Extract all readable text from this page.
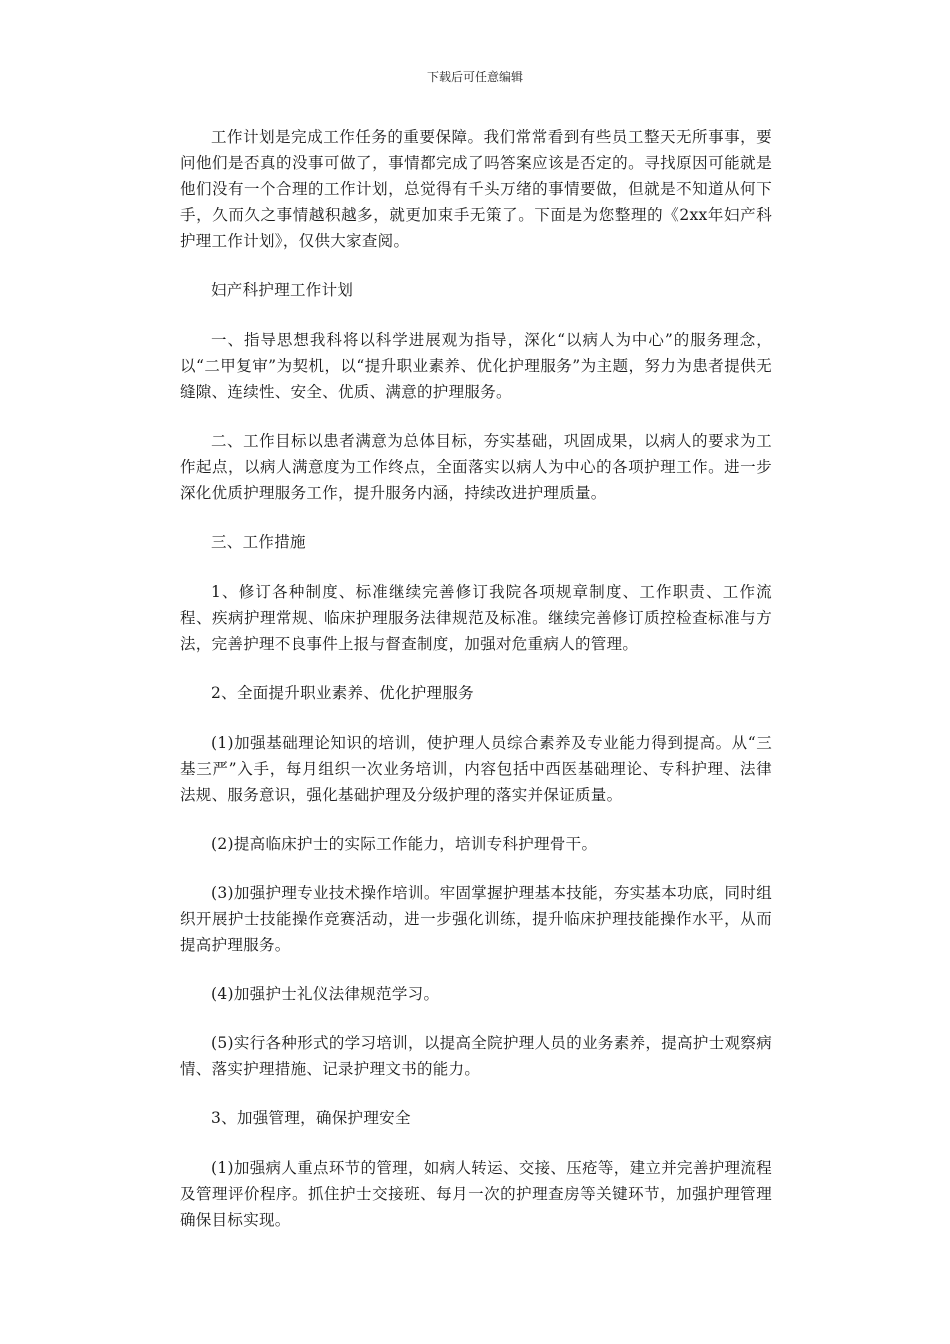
下载后可任意编辑

工作计划是完成工作任务的重要保障。我们常常看到有些员工整天无所事事，要问他们是否真的没事可做了，事情都完成了吗答案应该是否定的。寻找原因可能就是他们没有一个合理的工作计划，总觉得有千头万绪的事情要做，但就是不知道从何下手，久而久之事情越积越多，就更加束手无策了。下面是为您整理的《2xx年妇产科护理工作计划》，仅供大家查阅。

妇产科护理工作计划

一、指导思想我科将以科学进展观为指导，深化“以病人为中心”的服务理念，以“二甲复审”为契机，以“提升职业素养、优化护理服务”为主题，努力为患者提供无缝隙、连续性、安全、优质、满意的护理服务。

二、工作目标以患者满意为总体目标，夯实基础，巩固成果，以病人的要求为工作起点，以病人满意度为工作终点，全面落实以病人为中心的各项护理工作。进一步深化优质护理服务工作，提升服务内涵，持续改进护理质量。

三、工作措施

1、修订各种制度、标准继续完善修订我院各项规章制度、工作职责、工作流程、疾病护理常规、临床护理服务法律规范及标准。继续完善修订质控检查标准与方法，完善护理不良事件上报与督查制度，加强对危重病人的管理。

2、全面提升职业素养、优化护理服务

(1)加强基础理论知识的培训，使护理人员综合素养及专业能力得到提高。从“三基三严”入手，每月组织一次业务培训，内容包括中西医基础理论、专科护理、法律法规、服务意识，强化基础护理及分级护理的落实并保证质量。

(2)提高临床护士的实际工作能力，培训专科护理骨干。

(3)加强护理专业技术操作培训。牢固掌握护理基本技能，夯实基本功底，同时组织开展护士技能操作竞赛活动，进一步强化训练，提升临床护理技能操作水平，从而提高护理服务。

(4)加强护士礼仪法律规范学习。

(5)实行各种形式的学习培训，以提高全院护理人员的业务素养，提高护士观察病情、落实护理措施、记录护理文书的能力。

3、加强管理，确保护理安全

(1)加强病人重点环节的管理，如病人转运、交接、压疮等，建立并完善护理流程及管理评价程序。抓住护士交接班、每月一次的护理查房等关键环节，加强护理管理确保目标实现。
